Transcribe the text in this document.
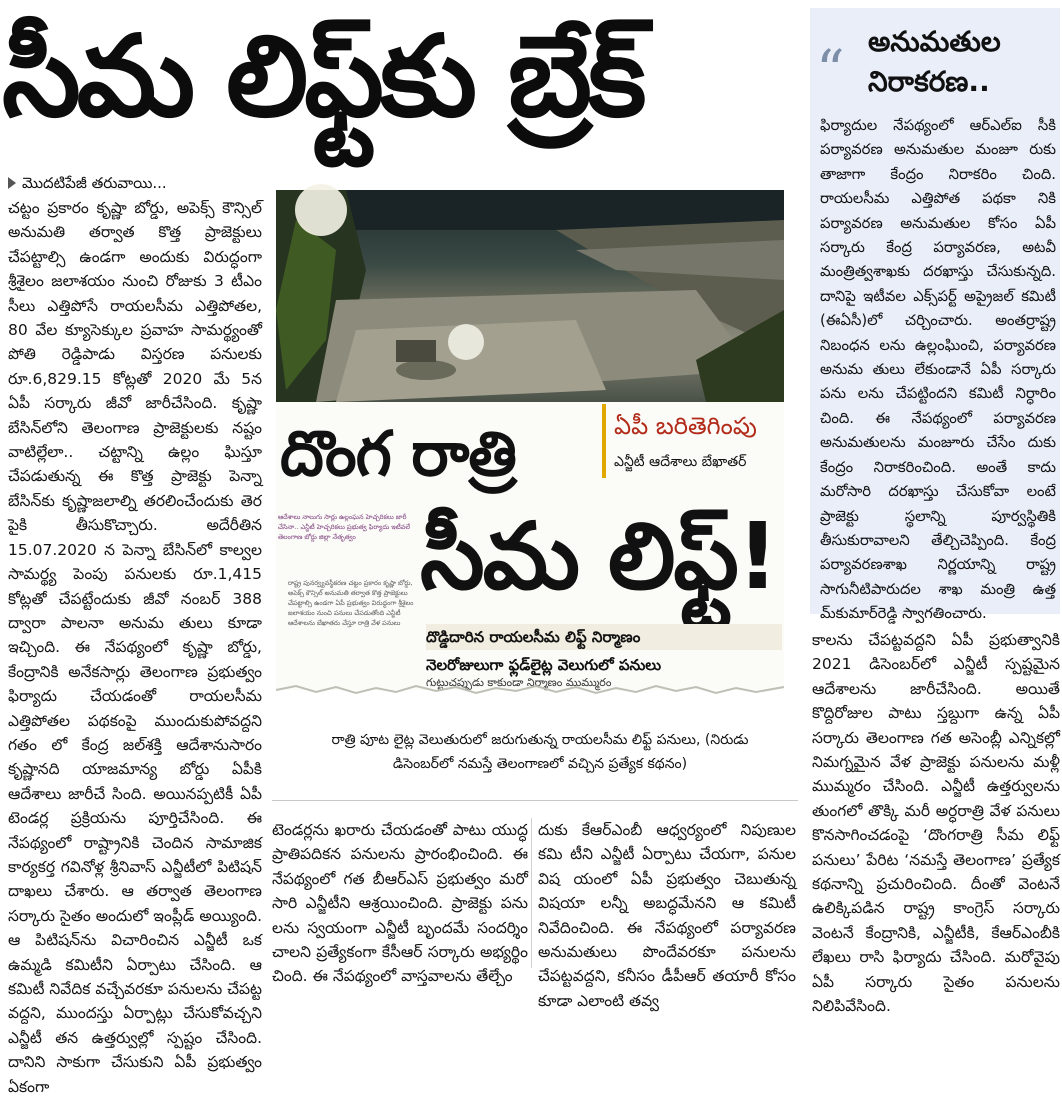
సీమ లిఫ్ట్‌కు బ్రేక్
మొదటిపేజీ తరువాయి...

చట్టం ప్రకారం కృష్ణా బోర్డు, అపెక్స్ కౌన్సిల్ అనుమతి తర్వాత కొత్త ప్రాజెక్టులు చేపట్టాల్సి ఉండగా అందుకు విరుద్ధంగా శ్రీశైలం జలాశయం నుంచి రోజుకు 3 టీఎం సీలు ఎత్తిపోసే రాయలసీమ ఎత్తిపోతల, 80 వేల క్యూసెక్కుల ప్రవాహ సామర్థ్యంతో పోతి రెడ్డిపాడు విస్తరణ పనులకు రూ.6,829.15 కోట్లతో 2020 మే 5న ఏపీ సర్కారు జీవో జారీచేసింది. కృష్ణా బేసిన్‌లోని తెలంగాణ ప్రాజెక్టులకు నష్టం వాటిల్లేలా.. చట్టాన్ని ఉల్లం ఘిస్తూ చేపడుతున్న ఈ కొత్త ప్రాజెక్టు పెన్నా బేసిన్‌కు కృష్ణాజలాల్ని తరలించేందుకు తెర పైకి తీసుకొచ్చారు. అదేరీతిన 15.07.2020 న పెన్నా బేసిన్‌లో కాల్వల సామర్థ్య పెంపు పనులకు రూ.1,415 కోట్లతో చేపట్టేందుకు జీవో నంబర్ 388 ద్వారా పాలనా అనుమ తులు కూడా ఇచ్చింది. ఈ నేపథ్యంలో కృష్ణా బోర్డు, కేంద్రానికి అనేకసార్లు తెలంగాణ ప్రభుత్వం ఫిర్యాదు చేయడంతో రాయలసీమ ఎత్తిపోతల పథకంపై ముందుకుపోవద్దని గతం లో కేంద్ర జల్‌శక్తి ఆదేశానుసారం కృష్ణానది యాజమాన్య బోర్డు ఏపీకి ఆదేశాలు జారీచే సింది. అయినప్పటికీ ఏపీ టెండర్ల ప్రక్రియను పూర్తిచేసింది. ఈ నేపథ్యంలో రాష్ట్రానికి చెందిన సామాజిక కార్యకర్త గవినోళ్ల శ్రీనివాస్ ఎన్జీటీలో పిటిషన్ దాఖలు చేశారు. ఆ తర్వాత తెలంగాణ సర్కారు సైతం అందులో ఇంప్లీడ్ అయ్యింది. ఆ పిటిషన్‌ను విచారించిన ఎన్జీటీ ఒక ఉమ్మడి కమిటీని ఏర్పాటు చేసింది. ఆ కమిటీ నివేదిక వచ్చేవరకూ పనులను చేపట్ట వద్దని, ముందస్తు ఏర్పాట్లు చేసుకోవచ్చని ఎన్జీటీ తన ఉత్తర్వుల్లో స్పష్టం చేసింది. దానిని సాకుగా చేసుకుని ఏపీ ప్రభుత్వం ఏకంగా

దొంగ రాత్రి	ఏపీ బరితెగింపు
ఎన్జీటీ ఆదేశాలు బేఖాతర్
ఆదేశాలు నాలుగు సార్లు ఉల్లంఘన హెచ్చరికలు జారీ చేసినా.. ఎన్జీటీ హెచ్చరికలు ప్రభుత్వ ఫిర్యాదు ఇటీవలే తెలంగాణ బోర్డు జిల్లా నేతృత్వం
రాష్ట్ర పునర్వ్యవస్థీకరణ చట్టం ప్రకారం కృష్ణా బోర్డు, అపెక్స్ కౌన్సిల్ అనుమతి తర్వాత కొత్త ప్రాజెక్టులు చేపట్టాల్సి ఉండగా ఏపీ ప్రభుత్వం విరుద్ధంగా శ్రీశైలం జలాశయం నుంచి పనులు చేపడుతోంది ఎన్జీటీ ఆదేశాలను బేఖాతరు చేస్తూ రాత్రి వేళ పనులు
సీమ లిఫ్ట్!
దొడ్డిదారిన రాయలసీమ లిఫ్ట్ నిర్మాణం
నెలరోజులుగా ఫ్లడ్‌లైట్ల వెలుగులో పనులు
గుట్టుచప్పుడు కాకుండా నిర్మాణం ముమ్మురం
రాత్రి పూట లైట్ల వెలుతురులో జరుగుతున్న రాయలసీమ లిఫ్ట్ పనులు, (నిరుడు డిసెంబర్‌లో నమస్తే తెలంగాణలో వచ్చిన ప్రత్యేక కథనం)

టెండర్లను ఖరారు చేయడంతో పాటు యుద్ధ ప్రాతిపదికన పనులను ప్రారంభించింది. ఈ నేపథ్యంలో గత బీఆర్ఎస్ ప్రభుత్వం మరో సారి ఎన్జీటీని ఆశ్రయించింది. ప్రాజెక్టు పను లను స్వయంగా ఎన్జీటీ బృందమే సందర్శిం చాలని ప్రత్యేకంగా కేసీఆర్ సర్కారు అభ్యర్థిం చింది. ఈ నేపథ్యంలో వాస్తవాలను తేల్చేం

దుకు కేఆర్ఎంబీ ఆధ్వర్యంలో నిపుణుల కమి టీని ఎన్జీటీ ఏర్పాటు చేయగా, పనుల విష యంలో ఏపీ ప్రభుత్వం చెబుతున్న విషయా లన్నీ అబద్ధమేనని ఆ కమిటీ నివేదించింది. ఈ నేపథ్యంలో పర్యావరణ అనుమతులు పొందేవరకూ పనులను చేపట్టవద్దని, కనీసం డీపీఆర్ తయారీ కోసం కూడా ఎలాంటి తవ్వ

“ అనుమతుల నిరాకరణ..
ఫిర్యాదుల నేపథ్యంలో ఆర్ఎల్ఐ సీకి పర్యావరణ అనుమతుల మంజూ రుకు తాజాగా కేంద్రం నిరాకరిం చింది. రాయలసీమ ఎత్తిపోత పథకా నికి పర్యావరణ అనుమతుల కోసం ఏపీ సర్కారు కేంద్ర పర్యావరణ, అటవీ మంత్రిత్వశాఖకు దరఖాస్తు చేసుకున్నది. దానిపై ఇటీవల ఎక్స్‌పర్ట్ అప్రైజల్ కమిటీ (ఈఏసీ)లో చర్చించారు. అంతర్రాష్ట్ర నిబంధన లను ఉల్లంఘించి, పర్యావరణ అనుమ తులు లేకుండానే ఏపీ సర్కారు పను లను చేపట్టిందని కమిటీ నిర్ధారిం చింది. ఈ నేపథ్యంలో పర్యావరణ అనుమతులను మంజూరు చేసేం దుకు కేంద్రం నిరాకరించింది. అంతే కాదు మరోసారి దరఖాస్తు చేసుకోవా లంటే ప్రాజెక్టు స్థలాన్ని పూర్వస్థితికి తీసుకురావాలని తేల్చిచెప్పింది. కేంద్ర పర్యావరణశాఖ నిర్ణయాన్ని రాష్ట్ర సాగునీటిపారుదల శాఖ మంత్రి ఉత్త మ్‌కుమార్‌రెడ్డి స్వాగతించారు.

కాలను చేపట్టవద్దని ఏపీ ప్రభుత్వానికి 2021 డిసెంబర్‌లో ఎన్జీటీ స్పష్టమైన ఆదేశాలను జారీచేసింది. అయితే కొద్దిరోజుల పాటు స్తబ్దుగా ఉన్న ఏపీ సర్కారు తెలంగాణ గత అసెంబ్లీ ఎన్నికల్లో నిమగ్నమైన వేళ ప్రాజెక్టు పనులను మళ్లీ ముమ్మరం చేసింది. ఎన్జీటీ ఉత్తర్వులను తుంగలో తొక్కి మరీ అర్ధరాత్రి వేళ పనులు కొనసాగించడంపై ‘దొంగరాత్రి సీమ లిఫ్ట్ పనులు’ పేరిట ‘నమస్తే తెలంగాణ’ ప్రత్యేక కథనాన్ని ప్రచురించింది. దీంతో వెంటనే ఉలిక్కిపడిన రాష్ట్ర కాంగ్రెస్ సర్కారు వెంటనే కేంద్రానికి, ఎన్జీటీకి, కేఆర్ఎంబీకి లేఖలు రాసి ఫిర్యాదు చేసింది. మరోవైపు ఏపీ సర్కారు సైతం పనులను నిలిపివేసింది.
